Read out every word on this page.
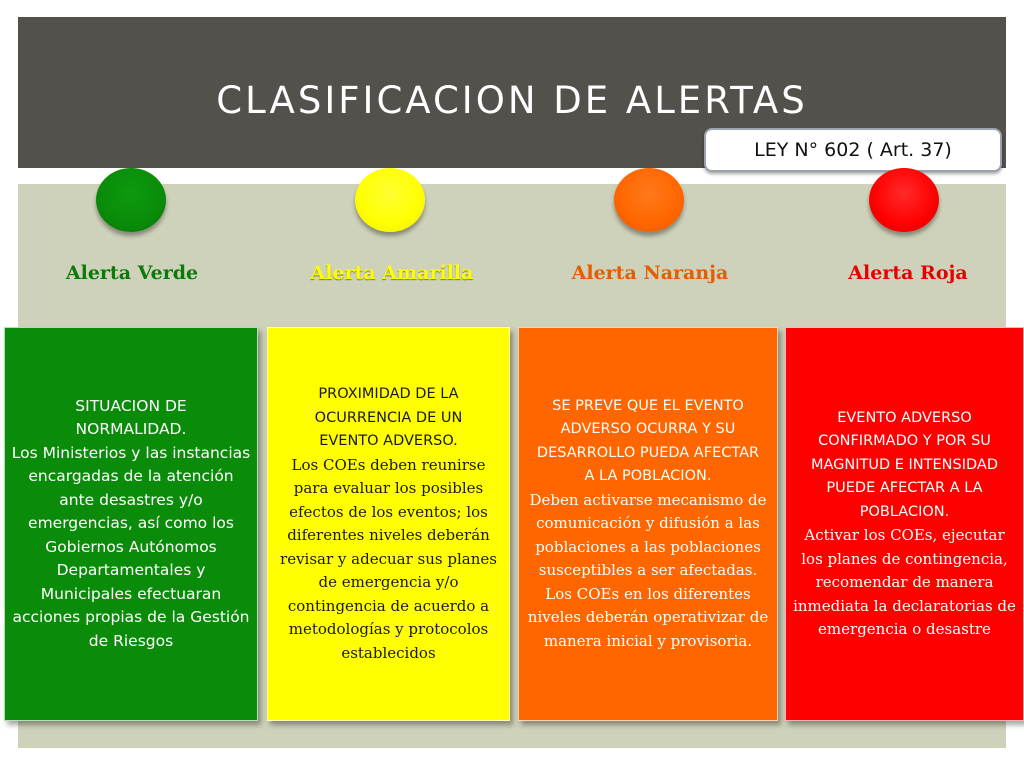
CLASIFICACION DE ALERTAS
LEY N° 602 ( Art. 37)
Alerta Verde	Alerta Amarilla	Alerta Naranja	Alerta Roja
SITUACION DE NORMALIDAD.
Los Ministerios y las instancias encargadas de la atención ante desastres y/o emergencias, así como los Gobiernos Autónomos Departamentales y Municipales efectuaran acciones propias de la Gestión de Riesgos
PROXIMIDAD DE LA OCURRENCIA DE UN EVENTO ADVERSO.
Los COEs deben reunirse para evaluar los posibles efectos de los eventos; los diferentes niveles deberán revisar y adecuar sus planes de emergencia y/o contingencia de acuerdo a metodologías y protocolos establecidos
SE PREVE QUE EL EVENTO ADVERSO OCURRA Y SU DESARROLLO PUEDA AFECTAR A LA POBLACION.
Deben activarse mecanismo de comunicación y difusión a las poblaciones a las poblaciones susceptibles a ser afectadas. Los COEs en los diferentes niveles deberán operativizar de manera inicial y provisoria.
EVENTO ADVERSO CONFIRMADO Y POR SU MAGNITUD E INTENSIDAD PUEDE AFECTAR A LA POBLACION.
Activar los COEs, ejecutar los planes de contingencia, recomendar de manera inmediata la declaratorias de emergencia o desastre
